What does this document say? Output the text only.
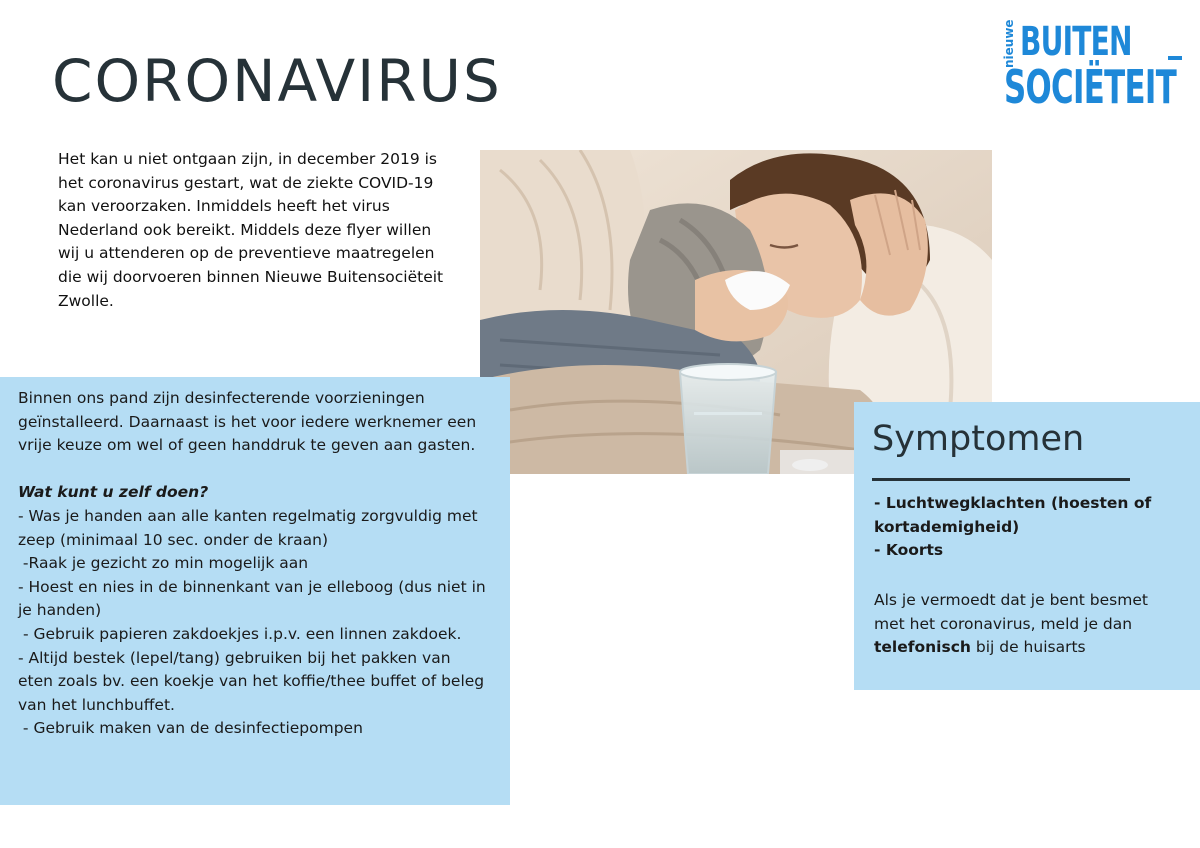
CORONAVIRUS
nieuwe BUITEN
SOCIËTEIT
Het kan u niet ontgaan zijn, in december 2019 is het coronavirus gestart, wat de ziekte COVID-19 kan veroorzaken. Inmiddels heeft het virus Nederland ook bereikt. Middels deze flyer willen wij u attenderen op de preventieve maatregelen die wij doorvoeren binnen Nieuwe Buitensociëteit Zwolle.

Binnen ons pand zijn desinfecterende voorzieningen geïnstalleerd. Daarnaast is het voor iedere werknemer een vrije keuze om wel of geen handdruk te geven aan gasten.

Wat kunt u zelf doen?

- Was je handen aan alle kanten regelmatig zorgvuldig met zeep (minimaal 10 sec. onder de kraan)

-Raak je gezicht zo min mogelijk aan

- Hoest en nies in de binnenkant van je elleboog (dus niet in je handen)

- Gebruik papieren zakdoekjes i.p.v. een linnen zakdoek.

- Altijd bestek (lepel/tang) gebruiken bij het pakken van eten zoals bv. een koekje van het koffie/thee buffet of beleg van het lunchbuffet.

- Gebruik maken van de desinfectiepompen

Symptomen
- Luchtwegklachten (hoesten of kortademigheid)
- Koorts
Als je vermoedt dat je bent besmet met het coronavirus, meld je dan telefonisch bij de huisarts
